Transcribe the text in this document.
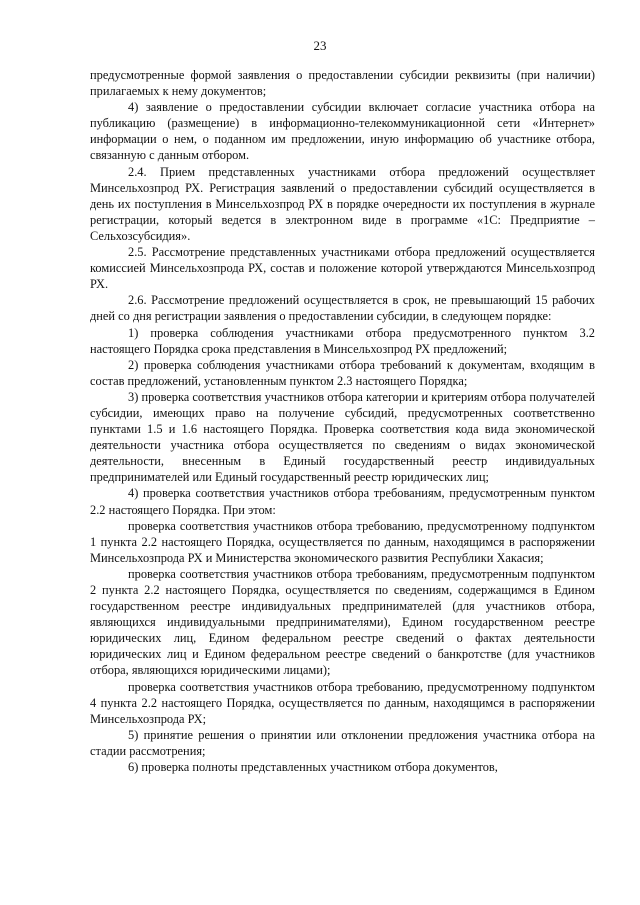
23

предусмотренные формой заявления о предоставлении субсидии реквизиты (при наличии) прилагаемых к нему документов;

4) заявление о предоставлении субсидии включает согласие участника отбора на публикацию (размещение) в информационно-телекоммуникационной сети «Интернет» информации о нем, о поданном им предложении, иную информацию об участнике отбора, связанную с данным отбором.

2.4. Прием представленных участниками отбора предложений осуществляет Минсельхозпрод РХ. Регистрация заявлений о предоставлении субсидий осуществляется в день их поступления в Минсельхозпрод РХ в порядке очередности их поступления в журнале регистрации, который ведется в электронном виде в программе «1С: Предприятие – Сельхозсубсидия».

2.5. Рассмотрение представленных участниками отбора предложений осуществляется комиссией Минсельхозпрода РХ, состав и положение которой утверждаются Минсельхозпрод РХ.

2.6. Рассмотрение предложений осуществляется в срок, не превышающий 15 рабочих дней со дня регистрации заявления о предоставлении субсидии, в следующем порядке:

1) проверка соблюдения участниками отбора предусмотренного пунктом 3.2 настоящего Порядка срока представления в Минсельхозпрод РХ предложений;

2) проверка соблюдения участниками отбора требований к документам, входящим в состав предложений, установленным пунктом 2.3 настоящего Порядка;

3) проверка соответствия участников отбора категории и критериям отбора получателей субсидии, имеющих право на получение субсидий, предусмотренных соответственно пунктами 1.5 и 1.6 настоящего Порядка. Проверка соответствия кода вида экономической деятельности участника отбора осуществляется по сведениям о видах экономической деятельности, внесенным в Единый государственный реестр индивидуальных предпринимателей или Единый государственный реестр юридических лиц;

4) проверка соответствия участников отбора требованиям, предусмотренным пунктом 2.2 настоящего Порядка. При этом:

проверка соответствия участников отбора требованию, предусмотренному подпунктом 1 пункта 2.2 настоящего Порядка, осуществляется по данным, находящимся в распоряжении Минсельхозпрода РХ и Министерства экономического развития Республики Хакасия;

проверка соответствия участников отбора требованиям, предусмотренным подпунктом 2 пункта 2.2 настоящего Порядка, осуществляется по сведениям, содержащимся в Едином государственном реестре индивидуальных предпринимателей (для участников отбора, являющихся индивидуальными предпринимателями), Едином государственном реестре юридических лиц, Едином федеральном реестре сведений о фактах деятельности юридических лиц и Едином федеральном реестре сведений о банкротстве (для участников отбора, являющихся юридическими лицами);

проверка соответствия участников отбора требованию, предусмотренному подпунктом 4 пункта 2.2 настоящего Порядка, осуществляется по данным, находящимся в распоряжении Минсельхозпрода РХ;

5) принятие решения о принятии или отклонении предложения участника отбора на стадии рассмотрения;

6) проверка полноты представленных участником отбора документов,
